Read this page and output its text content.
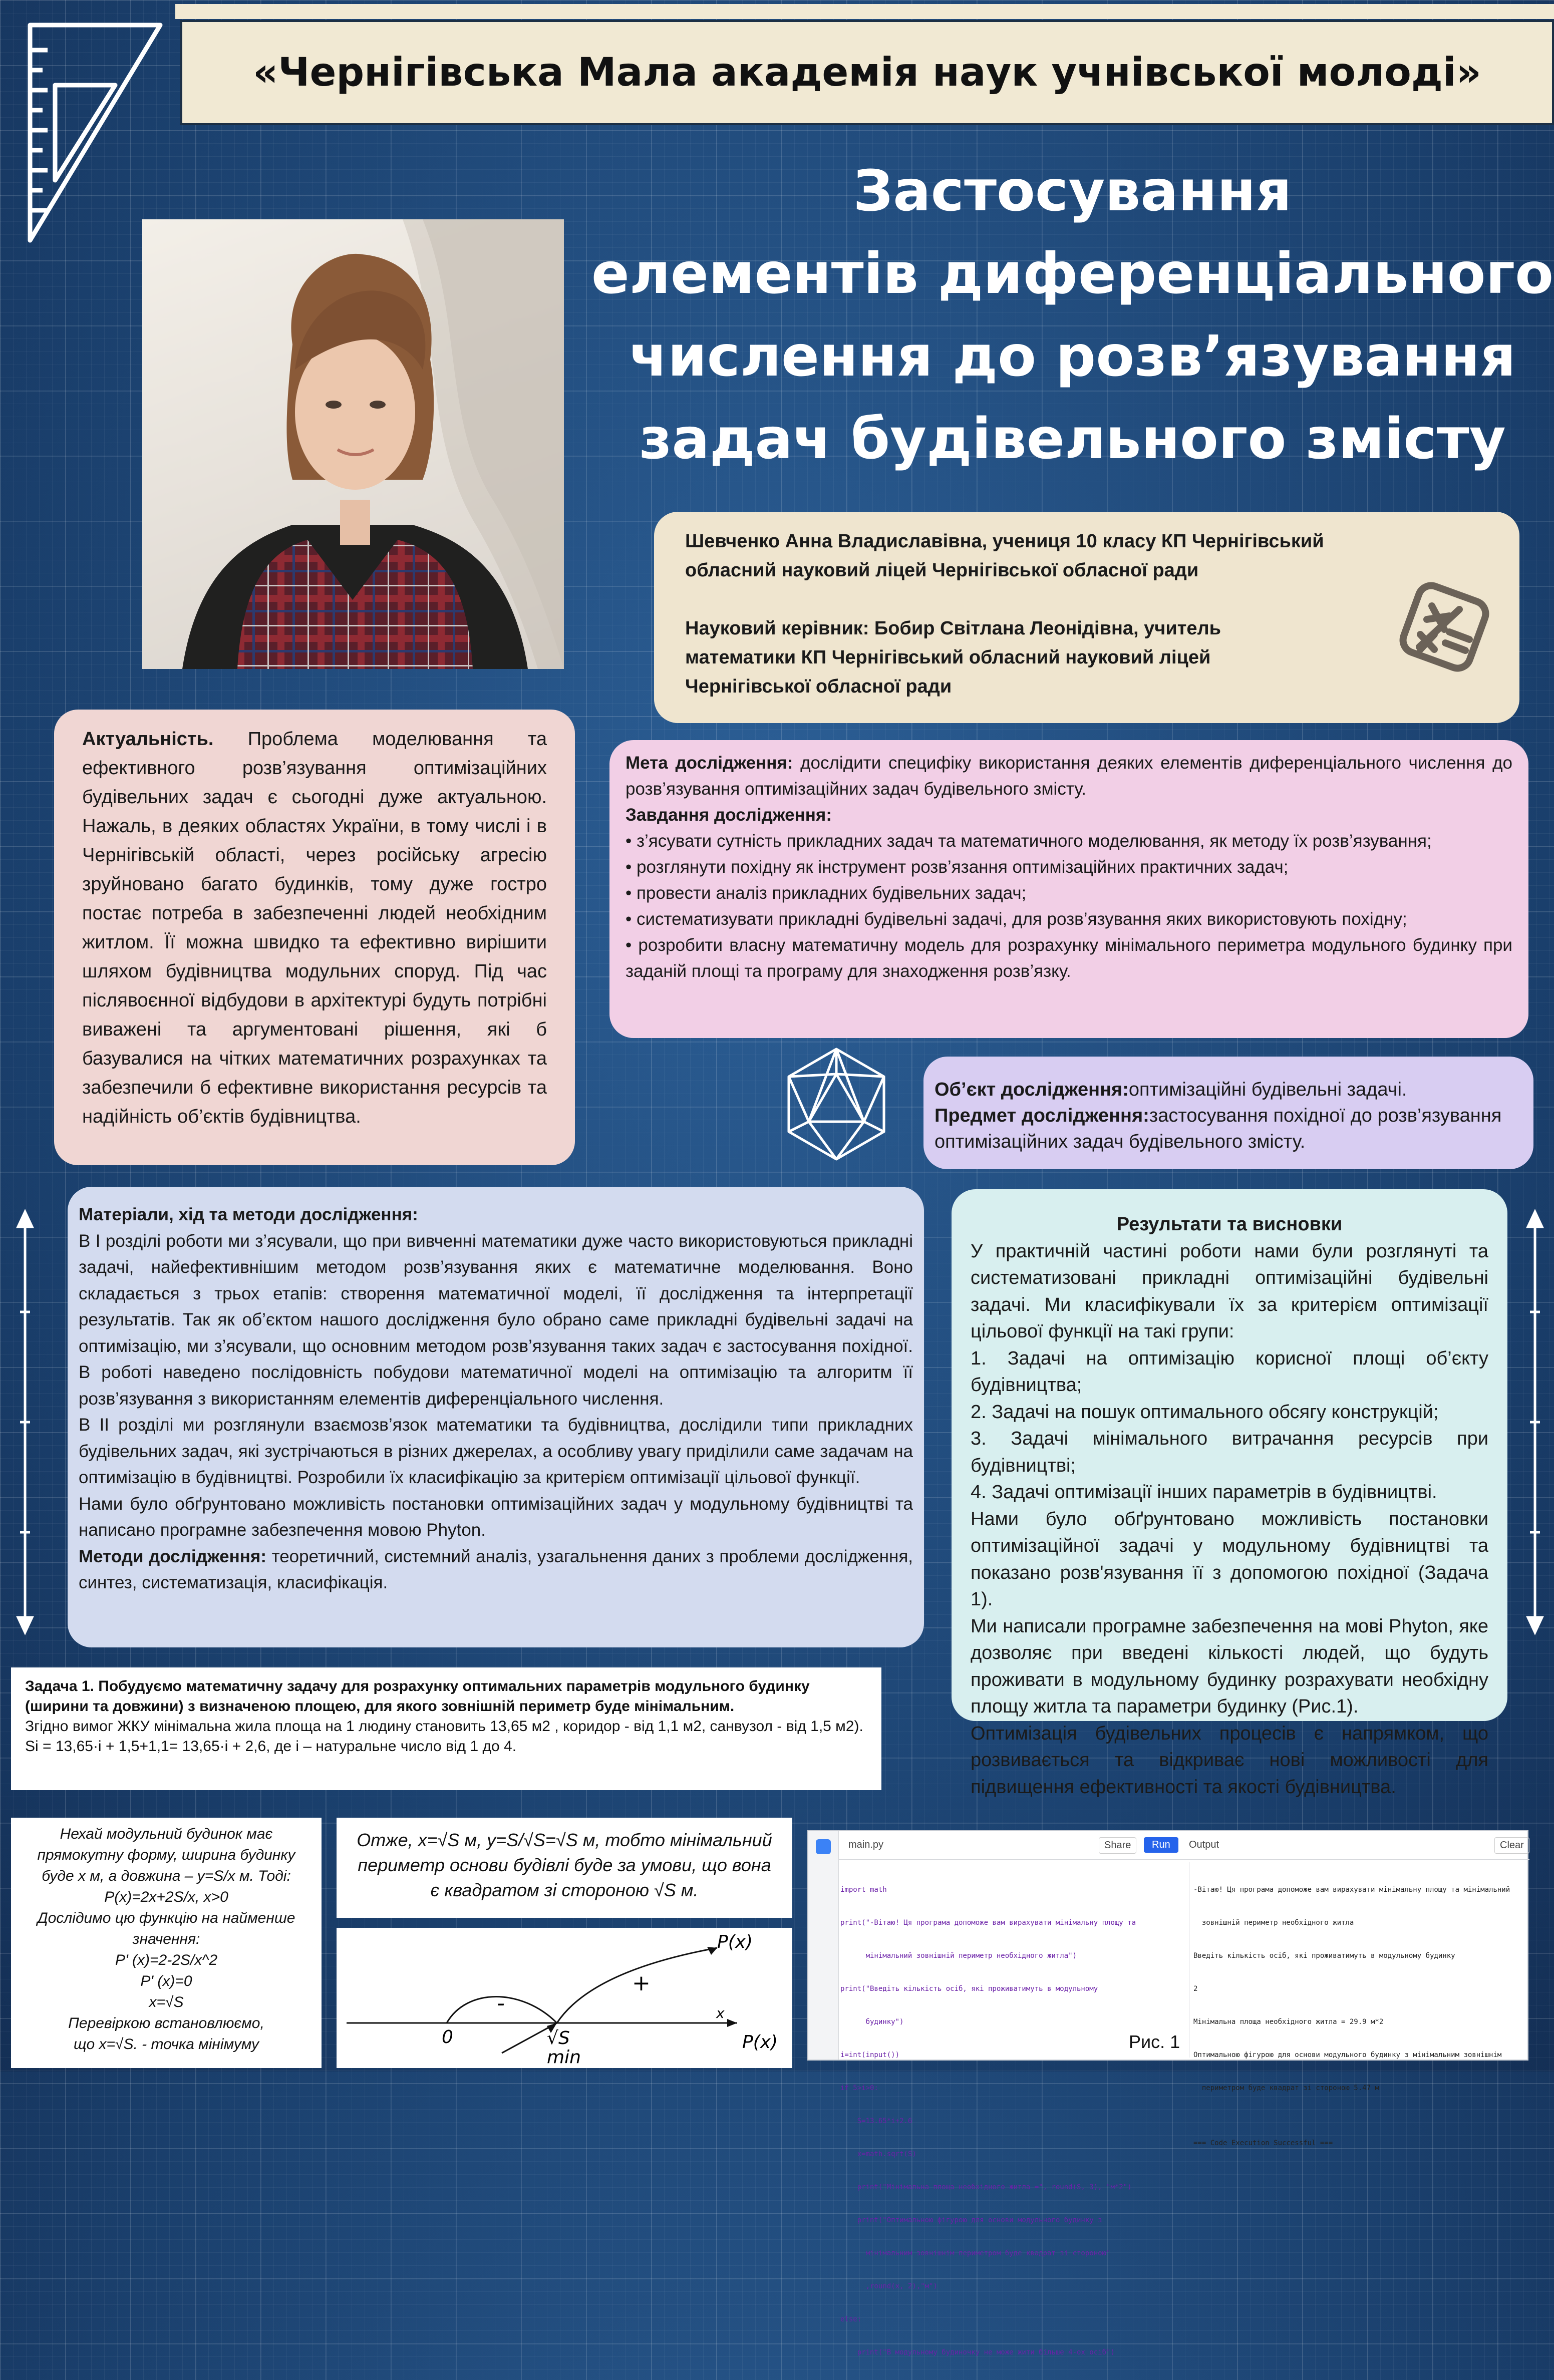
«Чернігівська Мала академія наук учнівської молоді»
Застосування
елементів диференціального
числення до розв’язування
задач будівельного змісту
Шевченко Анна Владиславівна, учениця 10 класу КП Чернігівський
обласний науковий ліцей Чернігівської обласної ради
Науковий керівник: Бобир Світлана Леонідівна, учитель
математики КП Чернігівський обласний науковий ліцей
Чернігівської обласної ради
Актуальність. Проблема моделювання та ефективного розв’язування оптимізаційних будівельних задач є сьогодні дуже актуальною. Нажаль, в деяких областях України, в тому числі і в Чернігівській області, через російську агресію зруйновано багато будинків, тому дуже гостро постає потреба в забезпеченні людей необхідним житлом. Її можна швидко та ефективно вирішити шляхом будівництва модульних споруд. Під час післявоєнної відбудови в архітектурі будуть потрібні виважені та аргументовані рішення, які б базувалися на чітких математичних розрахунках та забезпечили б ефективне використання ресурсів та надійність об’єктів будівництва.
Мета дослідження: дослідити специфіку використання деяких елементів диференціального числення до розв’язування оптимізаційних задач будівельного змісту.
Завдання дослідження:
• з’ясувати сутність прикладних задач та математичного моделювання, як методу їх розв’язування;
• розглянути похідну як інструмент розв’язання оптимізаційних практичних задач;
• провести аналіз прикладних будівельних задач;
• систематизувати прикладні будівельні задачі, для розв’язування яких використовують похідну;
• розробити власну математичну модель для розрахунку мінімального периметра модульного будинку при заданій площі та програму для знаходження розв’язку.
Об’єкт дослідження:оптимізаційні будівельні задачі.
Предмет дослідження:застосування похідної до розв’язування оптимізаційних задач будівельного змісту.
Матеріали, хід та методи дослідження:
В І розділі роботи ми з’ясували, що при вивченні математики дуже часто використовуються прикладні задачі, найефективнішим методом розв’язування яких є математичне моделювання. Воно складається з трьох етапів: створення математичної моделі, її дослідження та інтерпретації результатів. Так як об’єктом нашого дослідження було обрано саме прикладні будівельні задачі на оптимізацію, ми з’ясували, що основним методом розв’язування таких задач є застосування похідної. В роботі наведено послідовність побудови математичної моделі на оптимізацію та алгоритм її розв’язування з використанням елементів диференціального числення.
В ІІ розділі ми розглянули взаємозв’язок математики та будівництва, дослідили типи прикладних будівельних задач, які зустрічаються в різних джерелах, а особливу увагу приділили саме задачам на оптимізацію в будівництві. Розробили їх класифікацію за критерієм оптимізації цільової функції.
Нами було обґрунтовано можливість постановки оптимізаційних задач у модульному будівництві та написано програмне забезпечення мовою Phyton.
Методи дослідження: теоретичний, системний аналіз, узагальнення даних з проблеми дослідження, синтез, систематизація, класифікація.
Результати та висновки
У практичній частині роботи нами були розглянуті та систематизовані прикладні оптимізаційні будівельні задачі. Ми класифікували їх за критерієм оптимізації цільової функції на такі групи:
1. Задачі на оптимізацію корисної площі об’єкту будівництва;
2. Задачі на пошук оптимального обсягу конструкцій;
3. Задачі мінімального витрачання ресурсів при будівництві;
4. Задачі оптимізації інших параметрів в будівництві.
Нами було обґрунтовано можливість постановки оптимізаційної задачі у модульному будівництві та показано розв'язування її з допомогою похідної (Задача 1).
Ми написали програмне забезпечення на мові Phyton, яке дозволяє при введені кількості людей, що будуть проживати в модульному будинку розрахувати необхідну площу житла та параметри будинку (Рис.1).
Оптимізація будівельних процесів є напрямком, що розвивається та відкриває нові можливості для підвищення ефективності та якості будівництва.
Задача 1. Побудуємо математичну задачу для розрахунку оптимальних параметрів модульного будинку (ширини та довжини) з визначеною площею, для якого зовнішній периметр буде мінімальним.
Згідно вимог ЖКУ мінімальна жила площа на 1 людину становить 13,65 м2 , коридор - від 1,1 м2, санвузол - від 1,5 м2). Si = 13,65·і + 1,5+1,1= 13,65·і + 2,6, де і – натуральне число від 1 до 4.
Нехай модульний будинок має
прямокутну форму, ширина будинку
буде х м, а довжина – у=S/x м. Тоді:
P(x)=2x+2S/x, x>0
Дослідимо цю функцію на найменше
значення:
P' (x)=2-2S/x^2
P' (x)=0
x=√S
Перевіркою встановлюємо,
що x=√S. - точка мінімуму
Отже, x=√S м, y=S/√S=√S м, тобто мінімальний периметр основи будівлі буде за умови, що вона є квадратом зі стороною √S м.
P(x)
P(x)
-
+
0	√S
x
min
main.py	Share	Run	Output	Clear

import math

print("-Вітаю! Ця програма допоможе вам вирахувати мінімальну площу та

мінімальний зовнішній периметр необхідного житла")

print("Введіть кількість осіб, які проживатимуть в модульному

будинку")

i=int(input())

if 5>i>0:

S=13.65*i+2.6

x=math.sqrt(S)

print("Мінімальна площа необхідного житла =", round(S, 3), "м*2")

print("Оптимальною фігурою для основи модульного будинку з

мінімальним зовнішнім периметром буде квадрат зі стороною"

,round(x, 2),"м")

else:

print("В модульному будиночку не може жити більше 4-ох осіб")

-Вітаю! Ця програма допоможе вам вирахувати мінімальну площу та мінімальний

зовнішній периметр необхідного житла

Введіть кількість осіб, які проживатимуть в модульному будинку

2

Мінімальна площа необхідного житла = 29.9 м*2

Оптимальною фігурою для основи модульного будинку з мінімальним зовнішнім

периметром буде квадрат зі стороною 5.47 м

=== Code Execution Successful ===

Рис. 1
